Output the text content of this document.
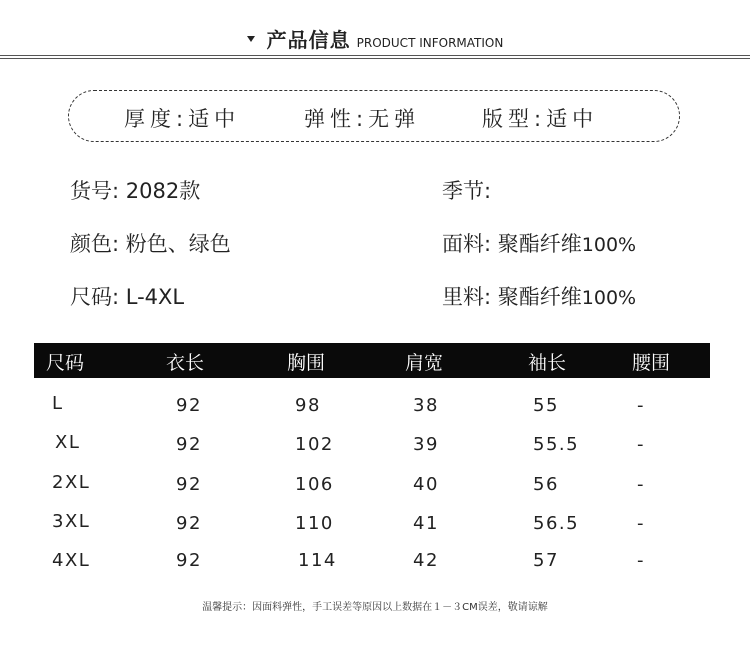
产品信息 PRODUCT INFORMATION
厚度:适中	弹性:无弹	版型:适中
货号: 2082款	季节:
颜色: 粉色、绿色	面料: 聚酯纤维100%
尺码: L-4XL	里料: 聚酯纤维100%
尺码	衣长	胸围	肩宽	袖长	腰围
L	92	98	38	55	-
XL	92	102	39	55.5	-
2XL	92	106	40	56	-
3XL	92	110	41	56.5	-
4XL	92	114	42	57	-
温馨提示：因面料弹性，手工误差等原因以上数据在１－３CM误差，敬请谅解
